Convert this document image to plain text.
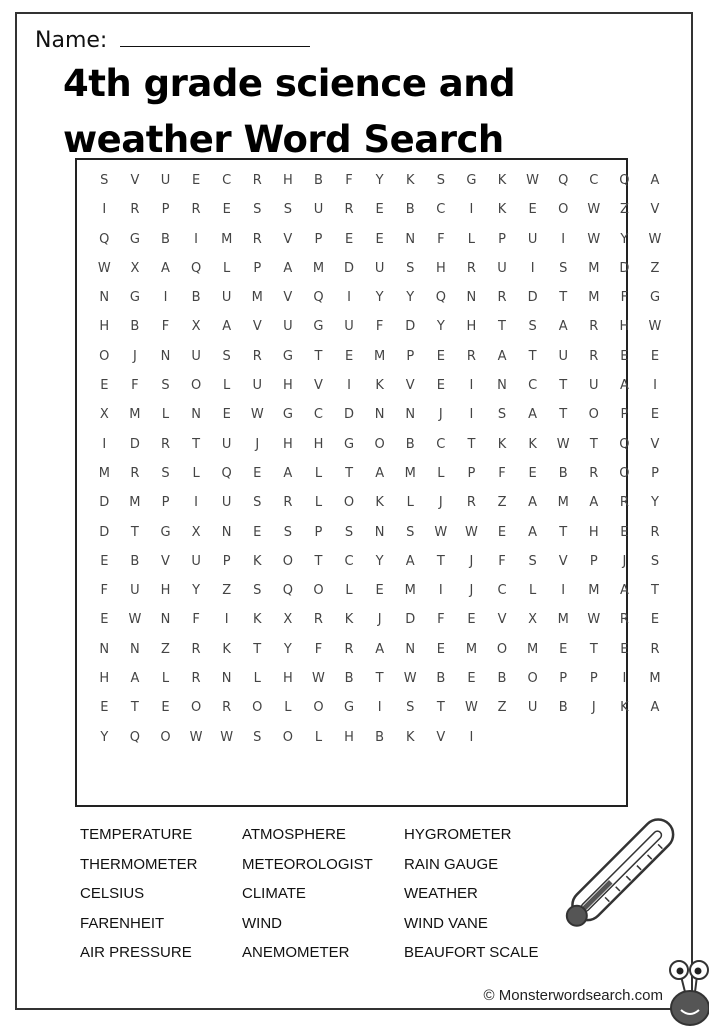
Name:
4th grade science and
weather Word Search
S	V	U	E	C	R	H	B	F	Y	K	S	G	K	W	Q	C	Q	A
I	R	P	R	E	S	S	U	R	E	B	C	I	K	E	O	W	Z	V
Q	G	B	I	M	R	V	P	E	E	N	F	L	P	U	I	W	Y	W
W	X	A	Q	L	P	A	M	D	U	S	H	R	U	I	S	M	D	Z
N	G	I	B	U	M	V	Q	I	Y	Y	Q	N	R	D	T	M	F	G
H	B	F	X	A	V	U	G	U	F	D	Y	H	T	S	A	R	H	W
O	J	N	U	S	R	G	T	E	M	P	E	R	A	T	U	R	E	E
E	F	S	O	L	U	H	V	I	K	V	E	I	N	C	T	U	A	I
X	M	L	N	E	W	G	C	D	N	N	J	I	S	A	T	O	P	E
I	D	R	T	U	J	H	H	G	O	B	C	T	K	K	W	T	Q	V
M	R	S	L	Q	E	A	L	T	A	M	L	P	F	E	B	R	O	P
D	M	P	I	U	S	R	L	O	K	L	J	R	Z	A	M	A	R	Y
D	T	G	X	N	E	S	P	S	N	S	W	W	E	A	T	H	E	R
E	B	V	U	P	K	O	T	C	Y	A	T	J	F	S	V	P	J	S
F	U	H	Y	Z	S	Q	O	L	E	M	I	J	C	L	I	M	A	T
E	W	N	F	I	K	X	R	K	J	D	F	E	V	X	M	W	R	E
N	N	Z	R	K	T	Y	F	R	A	N	E	M	O	M	E	T	E	R
H	A	L	R	N	L	H	W	B	T	W	B	E	B	O	P	P	I	M
E	T	E	O	R	O	L	O	G	I	S	T	W	Z	U	B	J	K	A
Y	Q	O	W	W	S	O	L	H	B	K	V	I
TEMPERATURE	ATMOSPHERE	HYGROMETER
THERMOMETER	METEOROLOGIST	RAIN GAUGE
CELSIUS	CLIMATE	WEATHER
FARENHEIT	WIND	WIND VANE
AIR PRESSURE	ANEMOMETER	BEAUFORT SCALE
© Monsterwordsearch.com
